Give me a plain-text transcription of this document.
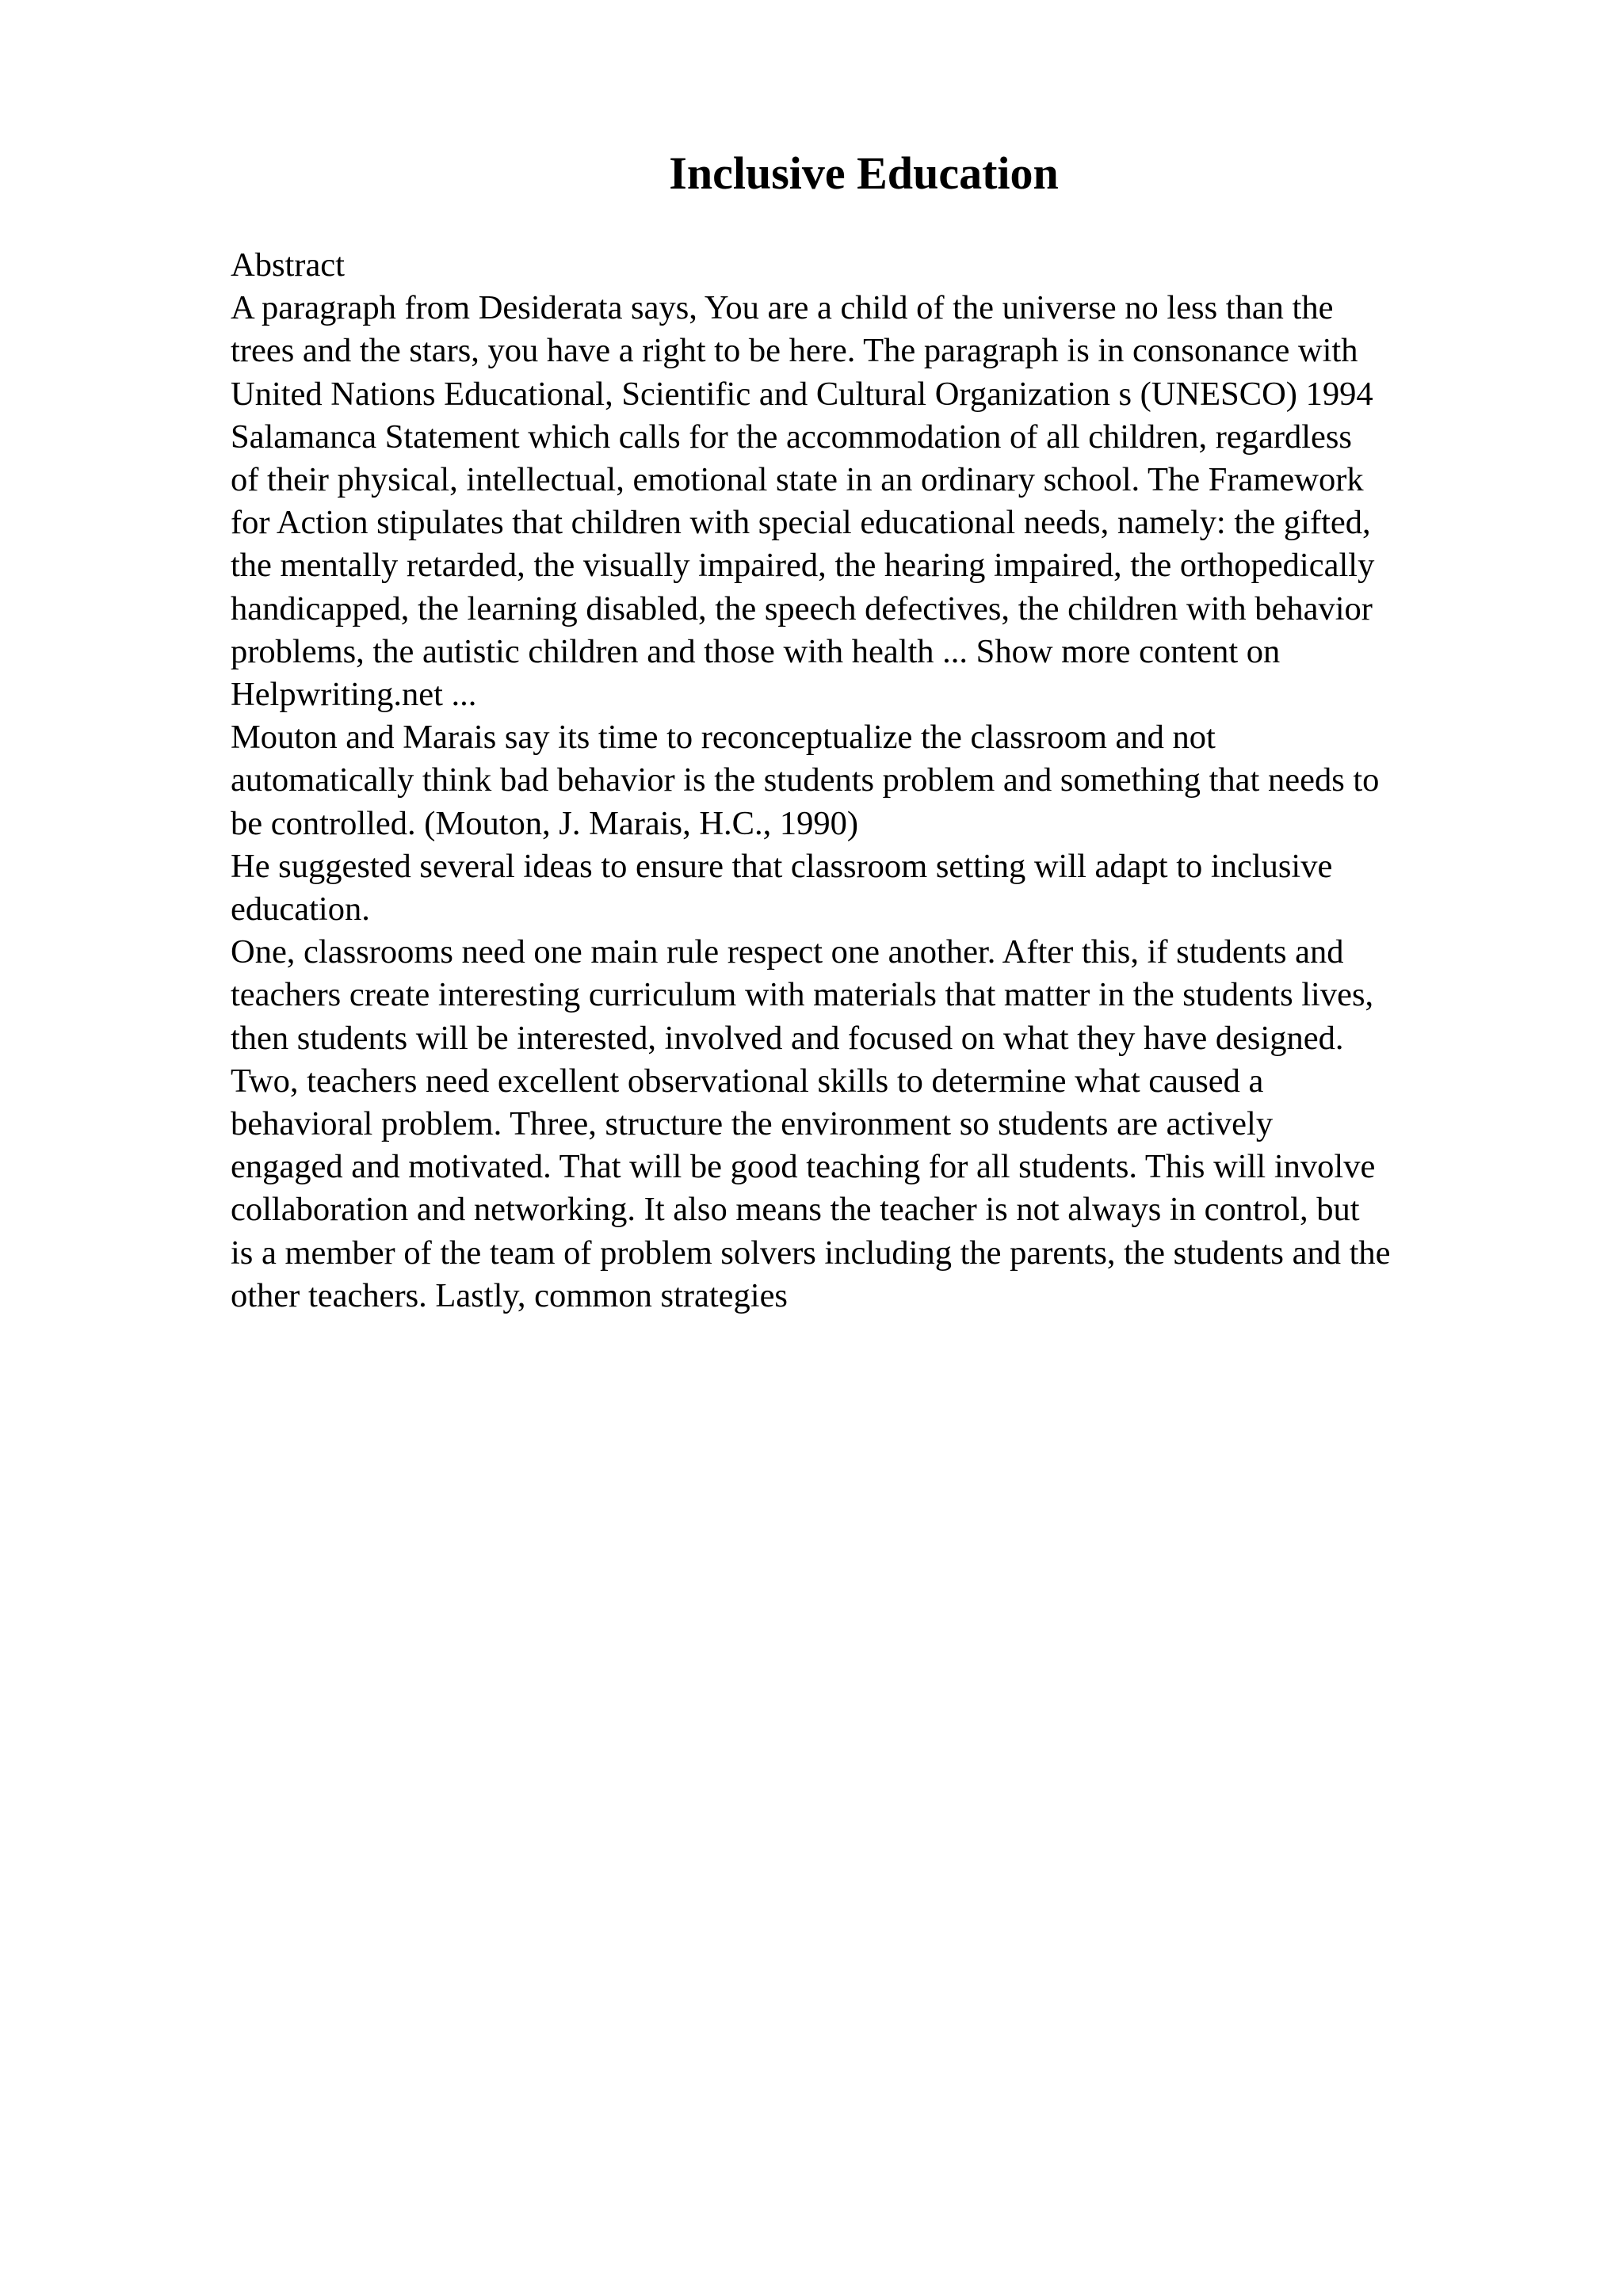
Inclusive Education
Abstract
A paragraph from Desiderata says, You are a child of the universe no less than the
trees and the stars, you have a right to be here. The paragraph is in consonance with
United Nations Educational, Scientific and Cultural Organization s (UNESCO) 1994
Salamanca Statement which calls for the accommodation of all children, regardless
of their physical, intellectual, emotional state in an ordinary school. The Framework
for Action stipulates that children with special educational needs, namely: the gifted,
the mentally retarded, the visually impaired, the hearing impaired, the orthopedically
handicapped, the learning disabled, the speech defectives, the children with behavior
problems, the autistic children and those with health ... Show more content on
Helpwriting.net ...
Mouton and Marais say its time to reconceptualize the classroom and not
automatically think bad behavior is the students problem and something that needs to
be controlled. (Mouton, J. Marais, H.C., 1990)
He suggested several ideas to ensure that classroom setting will adapt to inclusive
education.
One, classrooms need one main rule respect one another. After this, if students and
teachers create interesting curriculum with materials that matter in the students lives,
then students will be interested, involved and focused on what they have designed.
Two, teachers need excellent observational skills to determine what caused a
behavioral problem. Three, structure the environment so students are actively
engaged and motivated. That will be good teaching for all students. This will involve
collaboration and networking. It also means the teacher is not always in control, but
is a member of the team of problem solvers including the parents, the students and the
other teachers. Lastly, common strategies
